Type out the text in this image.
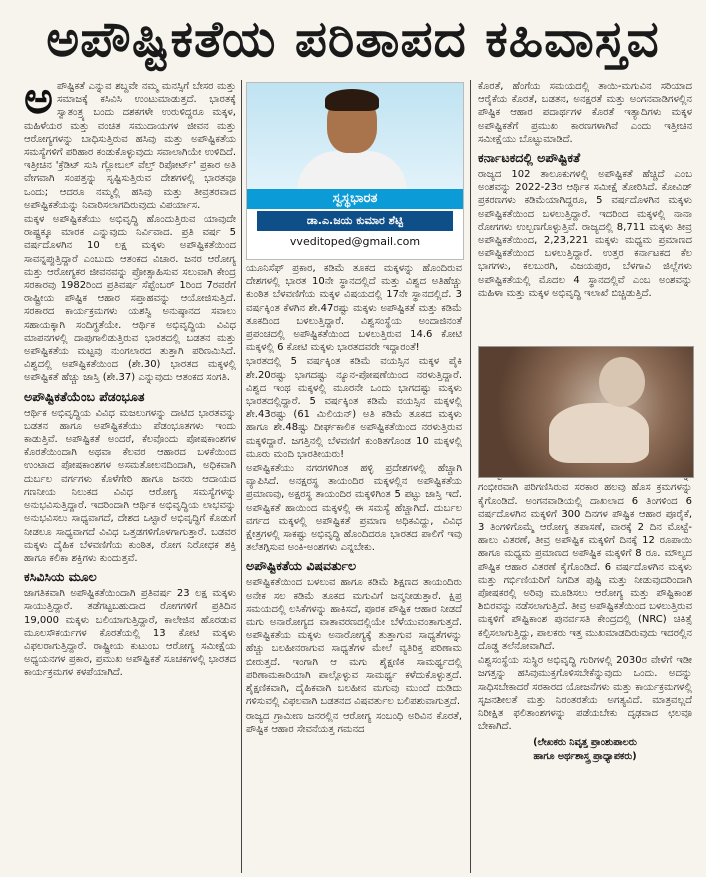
ಅಪೌಷ್ಟಿಕತೆಯ ಪರಿತಾಪದ ಕಹಿವಾಸ್ತವ

ಅಪೌಷ್ಟಿಕತೆ ಎನ್ನುವ ಶಬ್ದವೇ ನಮ್ಮ ಮನಸ್ಸಿಗೆ ಬೇಸರ ಮತ್ತು ಸಮಾಜಕ್ಕೆ ಕಸಿವಿಸಿ ಉಂಟುಮಾಡುತ್ತದೆ. ಭಾರತಕ್ಕೆ ಸ್ವಾತಂತ್ರ್ಯ ಬಂದು ದಶಕಗಳೇ ಉರುಳಿದ್ದರೂ ಮಕ್ಕಳ, ಮಹಿಳೆಯರ ಮತ್ತು ವಂಚಿತ ಸಮುದಾಯಗಳ ಜೀವನ ಮತ್ತು ಆರೋಗ್ಯಗಳನ್ನು ಬಾಧಿಸುತ್ತಿರುವ ಹಸಿವು ಮತ್ತು ಅಪೌಷ್ಟಿಕತೆಯ ಸಮಸ್ಯೆಗಳಿಗೆ ಪರಿಹಾರ ಕಂಡುಕೊಳ್ಳುವುದು ಸವಾಲಾಗಿಯೇ ಉಳಿದಿದೆ. ಇತ್ತೀಚಿನ 'ಕ್ರೆಡಿಟ್ ಸುಸಿ ಗ್ಲೋಬಲ್ ವೆಲ್ತ್ ರಿಪೋರ್ಟ್' ಪ್ರಕಾರ ಅತಿ ವೇಗವಾಗಿ ಸಂಪತ್ತನ್ನು ಸೃಷ್ಟಿಸುತ್ತಿರುವ ದೇಶಗಳಲ್ಲಿ ಭಾರತವೂ ಒಂದು; ಆದರೂ ನಮ್ಮಲ್ಲಿ ಹಸಿವು ಮತ್ತು ತೀವ್ರತರವಾದ ಅಪೌಷ್ಟಿಕತೆಯನ್ನು ನಿವಾರಿಸಲಾಗದಿರುವುದು ವಿಪರ್ಯಾಸ.

ಮಕ್ಕಳ ಅಪೌಷ್ಟಿಕತೆಯು ಅಭಿವೃದ್ಧಿ ಹೊಂದುತ್ತಿರುವ ಯಾವುದೇ ರಾಷ್ಟ್ರಕ್ಕೂ ಮಾರಕ ಎನ್ನುವುದು ನಿರ್ವಿವಾದ. ಪ್ರತಿ ವರ್ಷ 5 ವರ್ಷದೊಳಗಿನ 10 ಲಕ್ಷ ಮಕ್ಕಳು ಅಪೌಷ್ಟಿಕತೆಯಿಂದ ಸಾವನ್ನಪ್ಪುತ್ತಿದ್ದಾರೆ ಎಂಬುದು ಆತಂಕದ ವಿಚಾರ. ಜನರ ಆರೋಗ್ಯ ಮತ್ತು ಆರೋಗ್ಯಕರ ಜೀವನವನ್ನು ಪ್ರೋತ್ಸಾಹಿಸುವ ಸಲುವಾಗಿ ಕೇಂದ್ರ ಸರಕಾರವು 1982ರಿಂದ ಪ್ರತಿವರ್ಷ ಸೆಪ್ಟೆಂಬರ್ 1ರಿಂದ 7ರವರೆಗೆ ರಾಷ್ಟ್ರೀಯ ಪೌಷ್ಟಿಕ ಆಹಾರ ಸಪ್ತಾಹವನ್ನು ಆಯೋಜಿಸುತ್ತಿದೆ. ಸರಕಾರದ ಕಾರ್ಯಕ್ರಮಗಳು ಯಶಸ್ವಿ ಅನುಷ್ಠಾನದ ಸವಾಲು ಸಹಾಯಕ್ಕಾಗಿ ಸಂದಿಗ್ಧತೆಯೇ. ಆರ್ಥಿಕ ಅಭಿವೃದ್ಧಿಯ ವಿವಿಧ ಮಾಪನಗಳಲ್ಲಿ ದಾಪುಗಾಲಿಡುತ್ತಿರುವ ಭಾರತದಲ್ಲಿ ಬಡತನ ಮತ್ತು ಅಪೌಷ್ಟಿಕತೆಯ ಮಟ್ಟವು ನುಂಗಲಾರದ ತುತ್ತಾಗಿ ಪರಿಣಮಿಸಿದೆ. ವಿಶ್ವದಲ್ಲಿ ಅಪೌಷ್ಟಿಕತೆಯಿಂದ (ಶೇ.30) ಭಾರತದ ಮಕ್ಕಳಲ್ಲಿ ಅಪೌಷ್ಟಿಕತೆ ಹೆಚ್ಚು ಜಾಸ್ತಿ (ಶೇ.37) ಎನ್ನುವುದು ಆತಂಕದ ಸಂಗತಿ.

ಅಪೌಷ್ಟಿಕತೆಯೆಂಬ ಪೆಡಂಭೂತ

ಆರ್ಥಿಕ ಅಭಿವೃದ್ಧಿಯ ವಿವಿಧ ಮಜಲುಗಳನ್ನು ದಾಟಿದ ಭಾರತವನ್ನು ಬಡತನ ಹಾಗೂ ಅಪೌಷ್ಟಿಕತೆಯು ಪೆಡಂಭೂತಗಳು ಇಂದು ಕಾಡುತ್ತಿವೆ. ಅಪೌಷ್ಟಿಕತೆ ಅಂದರೆ, ಕೆಲವೊಂದು ಪೋಷಕಾಂಶಗಳ ಕೊರತೆಯಿಂದಾಗಿ ಅಥವಾ ಕೆಲವರ ಆಹಾರದ ಬಳಕೆಯಿಂದ ಉಂಟಾದ ಪೋಷಕಾಂಶಗಳ ಅಸಮತೋಲನದಿಂದಾಗಿ, ಅಧಿಕವಾಗಿ ದುರ್ಬಲ ವರ್ಗಗಳು ಕೊಳೆಗೇರಿ ಹಾಗೂ ಜನರು ಆದಾಯದ ಗಣನೀಯ ನಿಲುಕದ ವಿವಿಧ ಆರೋಗ್ಯ ಸಮಸ್ಯೆಗಳನ್ನು ಅನುಭವಿಸುತ್ತಿದ್ದಾರೆ. ಇದರಿಂದಾಗಿ ಆರ್ಥಿಕ ಅಭಿವೃದ್ಧಿಯ ಲಾಭವನ್ನು ಅನುಭವಿಸಲು ಸಾಧ್ಯವಾಗದೆ, ದೇಶದ ಒಟ್ಟಾರೆ ಅಭಿವೃದ್ಧಿಗೆ ಕೊಡುಗೆ ನೀಡಲೂ ಸಾಧ್ಯವಾಗದೆ ವಿವಿಧ ಒತ್ತಡಗಳಿಗೊಳಗಾಗುತ್ತಾರೆ. ಬಡವರ ಮಕ್ಕಳು ದೈಹಿಕ ಬೆಳವಣಿಗೆಯ ಕುಂಠಿತ, ರೋಗ ನಿರೋಧಕ ಶಕ್ತಿ ಹಾಗೂ ಕಲಿಕಾ ಶಕ್ತಿಗಳು ಕುಂದುತ್ತವೆ.

ಕಸಿವಿಸಿಯ ಮೂಲ

ಜಾಗತಿಕವಾಗಿ ಅಪೌಷ್ಟಿಕತೆಯಿಂದಾಗಿ ಪ್ರತಿವರ್ಷ 23 ಲಕ್ಷ ಮಕ್ಕಳು ಸಾಯುತ್ತಿದ್ದಾರೆ. ತಡೆಗಟ್ಟಬಹುದಾದ ರೋಗಗಳಿಗೆ ಪ್ರತಿದಿನ 19,000 ಮಕ್ಕಳು ಬಲಿಯಾಗುತ್ತಿದ್ದಾರೆ, ಕಾಲೇಜಿನ ಹೊರಡುವ ಮೂಲಸೌಕರ್ಯಗಳ ಕೊರತೆಯಲ್ಲಿ 13 ಕೋಟಿ ಮಕ್ಕಳು ವಿಫಲರಾಗುತ್ತಿದ್ದಾರೆ. ರಾಷ್ಟ್ರೀಯ ಕುಟುಂಬ ಆರೋಗ್ಯ ಸಮೀಕ್ಷೆಯ ಅಧ್ಯಯನಗಳ ಪ್ರಕಾರ, ಪ್ರಮುಖ ಅಪೌಷ್ಟಿಕತೆ ಸೂಚಕಗಳಲ್ಲಿ ಭಾರತದ ಕಾರ್ಯಕ್ರಮಗಳ ಕಳಪೆಯಾಗಿದೆ.

ಸ್ವಸ್ಥಭಾರತ
ಡಾ.ಎ.ಜಯ ಕುಮಾರ ಶೆಟ್ಟಿ
vveditoped@gmail.com

ಯೂನಿಸೆಫ್ ಪ್ರಕಾರ, ಕಡಿಮೆ ತೂಕದ ಮಕ್ಕಳನ್ನು ಹೊಂದಿರುವ ದೇಶಗಳಲ್ಲಿ ಭಾರತ 10ನೇ ಸ್ಥಾನದಲ್ಲಿದೆ ಮತ್ತು ವಿಶ್ವದ ಅತಿಹೆಚ್ಚು ಕುಂಠಿತ ಬೆಳವಣಿಗೆಯ ಮಕ್ಕಳ ವಿಷಯದಲ್ಲಿ 17ನೇ ಸ್ಥಾನದಲ್ಲಿದೆ. 3 ವರ್ಷಕ್ಕಿಂತ ಕೆಳಗಿನ ಶೇ.47ರಷ್ಟು ಮಕ್ಕಳು ಅಪೌಷ್ಟಿಕತೆ ಮತ್ತು ಕಡಿಮೆ ತೂಕದಿಂದ ಬಳಲುತ್ತಿದ್ದಾರೆ. ವಿಶ್ವಸಂಸ್ಥೆಯ ಅಂದಾಜಿನಂತೆ ಪ್ರಪಂಚದಲ್ಲಿ ಅಪೌಷ್ಟಿಕತೆಯಿಂದ ಬಳಲುತ್ತಿರುವ 14.6 ಕೋಟಿ ಮಕ್ಕಳಲ್ಲಿ 6 ಕೋಟಿ ಮಕ್ಕಳು ಭಾರತದವರೇ ಇದ್ದಾರಂತೆ!

ಭಾರತದಲ್ಲಿ 5 ವರ್ಷಕ್ಕಿಂತ ಕಡಿಮೆ ವಯಸ್ಸಿನ ಮಕ್ಕಳ ಪೈಕಿ ಶೇ.20ರಷ್ಟು ಭಾಗದಷ್ಟು ನ್ಯೂನ-ಪೋಷಣೆಯಿಂದ ನರಳುತ್ತಿದ್ದಾರೆ. ವಿಶ್ವದ ಇಂಥ ಮಕ್ಕಳಲ್ಲಿ ಮೂರನೇ ಒಂದು ಭಾಗದಷ್ಟು ಮಕ್ಕಳು ಭಾರತದಲ್ಲಿದ್ದಾರೆ. 5 ವರ್ಷಕ್ಕಿಂತ ಕಡಿಮೆ ವಯಸ್ಸಿನ ಮಕ್ಕಳಲ್ಲಿ ಶೇ.43ರಷ್ಟು (61 ಮಿಲಿಯನ್) ಅತಿ ಕಡಿಮೆ ತೂಕದ ಮಕ್ಕಳು ಹಾಗೂ ಶೇ.48ಷ್ಟು ದೀರ್ಘಕಾಲಿಕ ಅಪೌಷ್ಟಿಕತೆಯಿಂದ ನರಳುತ್ತಿರುವ ಮಕ್ಕಳಿದ್ದಾರೆ. ಜಗತ್ತಿನಲ್ಲಿ ಬೆಳವಣಿಗೆ ಕುಂಠಿತಗೊಂಡ 10 ಮಕ್ಕಳಲ್ಲಿ ಮೂರು ಮಂದಿ ಭಾರತೀಯರು!

ಅಪೌಷ್ಟಿಕತೆಯು ನಗರಗಳಿಗಿಂತ ಹಳ್ಳಿ ಪ್ರದೇಶಗಳಲ್ಲಿ ಹೆಚ್ಚಾಗಿ ವ್ಯಾಪಿಸಿದೆ. ಅನಕ್ಷರಸ್ಥ ತಾಯಂದಿರ ಮಕ್ಕಳಲ್ಲಿನ ಅಪೌಷ್ಟಿಕತೆಯ ಪ್ರಮಾಣವು, ಅಕ್ಷರಸ್ಥ ತಾಯಂದಿರ ಮಕ್ಕಳಿಗಿಂತ 5 ಪಟ್ಟು ಜಾಸ್ತಿ ಇದೆ. ಅಪೌಷ್ಟಿಕತೆ ಹಾಯಿಂದ ಮಕ್ಕಳಲ್ಲಿ ಈ ಸಮಸ್ಯೆ ಹೆಚ್ಚಾಗಿದೆ. ದುರ್ಬಲ ವರ್ಗದ ಮಕ್ಕಳಲ್ಲಿ ಅಪೌಷ್ಟಿಕತೆ ಪ್ರಮಾಣ ಅಧಿಕವಿದ್ದು, ವಿವಿಧ ಕ್ಷೇತ್ರಗಳಲ್ಲಿ ಸಾಕಷ್ಟು ಅಭಿವೃದ್ಧಿ ಹೊಂದಿದರೂ ಭಾರತದ ಪಾಲಿಗೆ ಇವು ತಲೆತಗ್ಗಿಸುವ ಅಂಕಿ-ಅಂಶಗಳು ಎನ್ನಬೇಕು.

ಅಪೌಷ್ಟಿಕತೆಯ ವಿಷವರ್ತುಲ

ಅಪೌಷ್ಟಿಕತೆಯಿಂದ ಬಳಲುವ ಹಾಗೂ ಕಡಿಮೆ ಶಿಕ್ಷಣದ ತಾಯಂದಿರು ಅನೇಕ ಸಲ ಕಡಿಮೆ ತೂಕದ ಮಗುವಿಗೆ ಜನ್ಮನೀಡುತ್ತಾರೆ. ಕ್ಷಿಪ್ರ ಸಮಯದಲ್ಲಿ ಲಸಿಕೆಗಳನ್ನು ಹಾಕಿಸದೆ, ಪೂರಕ ಪೌಷ್ಟಿಕ ಆಹಾರ ನೀಡದೆ ಮಗು ಅನಾರೋಗ್ಯದ ವಾತಾವರಣದಲ್ಲಿಯೇ ಬೆಳೆಯುವಂತಾಗುತ್ತದೆ. ಅಪೌಷ್ಟಿಕತೆಯ ಮಕ್ಕಳು ಅನಾರೋಗ್ಯಕ್ಕೆ ತುತ್ತಾಗುವ ಸಾಧ್ಯತೆಗಳನ್ನು ಹೆಚ್ಚು ಬಲಹೀನರಾಗುವ ಸಾಧ್ಯತೆಗಳ ಮೇಲೆ ವ್ಯತಿರಿಕ್ತ ಪರಿಣಾಮ ಬೀರುತ್ತದೆ. ಇಂಗಾಗಿ ಆ ಮಗು ಶೈಕ್ಷಣಿಕ ಸಾಮರ್ಥ್ಯದಲ್ಲಿ ಪರಿಣಾಮಕಾರಿಯಾಗಿ ಪಾಲ್ಗೊಳ್ಳುವ ಸಾಮರ್ಥ್ಯ ಕಳೆದುಕೊಳ್ಳುತ್ತದೆ. ಶೈಕ್ಷಣಿಕವಾಗಿ, ದೈಹಿಕವಾಗಿ ಬಲಹೀನ ಮಗುವು ಮುಂದೆ ದುಡಿದು ಗಳಿಸುವಲ್ಲಿ ವಿಫಲವಾಗಿ ಬಡತನದ ವಿಷವರ್ತುಲ ಬಲಿಪಶುವಾಗುತ್ತದೆ.

ರಾಜ್ಯದ ಗ್ರಾಮೀಣ ಜನರಲ್ಲಿನ ಆರೋಗ್ಯ ಸಂಬಂಧಿ ಅರಿವಿನ ಕೊರತೆ, ಪೌಷ್ಟಿಕ ಆಹಾರ ಸೇವನೆಯತ್ತ ಗಮನದ

ಕೊರತೆ, ಹೆಂಗೆಯ ಸಮಯದಲ್ಲಿ ತಾಯಿ-ಮಗುವಿನ ಸರಿಯಾದ ಆರೈಕೆಯ ಕೊರತೆ, ಬಡತನ, ಅನಕ್ಷರತೆ ಮತ್ತು ಅಂಗನವಾಡಿಗಳಲ್ಲಿನ ಪೌಷ್ಟಿಕ ಆಹಾರ ಪದಾರ್ಥಗಳ ಕೊರತೆ ಇತ್ಯಾದಿಗಳು ಮಕ್ಕಳ ಅಪೌಷ್ಟಿಕತೆಗೆ ಪ್ರಮುಖ ಕಾರಣಗಳಾಗಿವೆ ಎಂದು ಇತ್ತೀಚಿನ ಸಮೀಕ್ಷೆಯು ಬೊಟ್ಟುಮಾಡಿದೆ.

ಕರ್ನಾಟಕದಲ್ಲಿ ಅಪೌಷ್ಟಿಕತೆ

ರಾಜ್ಯದ 102 ತಾಲೂಕುಗಳಲ್ಲಿ ಅಪೌಷ್ಟಿಕತೆ ಹೆಚ್ಚಿದೆ ಎಂಬ ಅಂಶವನ್ನು 2022-23ರ ಆರ್ಥಿಕ ಸಮೀಕ್ಷೆ ತೋರಿಸಿದೆ. ಕೋವಿಡ್ ಪ್ರಕರಣಗಳು ಕಡಿಮೆಯಾಗಿದ್ದರೂ, 5 ವರ್ಷದೊಳಗಿನ ಮಕ್ಕಳು ಅಪೌಷ್ಟಿಕತೆಯಿಂದ ಬಳಲುತ್ತಿದ್ದಾರೆ. ಇದರಿಂದ ಮಕ್ಕಳಲ್ಲಿ ನಾನಾ ರೋಗಗಳು ಉಲ್ಬಣಗೊಳ್ಳುತ್ತಿವೆ. ರಾಜ್ಯದಲ್ಲಿ 8,711 ಮಕ್ಕಳು ತೀವ್ರ ಅಪೌಷ್ಟಿಕತೆಯಿಂದ, 2,23,221 ಮಕ್ಕಳು ಮಧ್ಯಮ ಪ್ರಮಾಣದ ಅಪೌಷ್ಟಿಕತೆಯಿಂದ ಬಳಲುತ್ತಿದ್ದಾರೆ. ಉತ್ತರ ಕರ್ನಾಟಕದ ಕೆಲ ಭಾಗಗಳು, ಕಲಬುರಗಿ, ವಿಜಯಪುರ, ಬೆಳಗಾವಿ ಜಿಲ್ಲೆಗಳು ಅಪೌಷ್ಟಿಕತೆಯಲ್ಲಿ ಮೊದಲ 4 ಸ್ಥಾನದಲ್ಲಿವೆ ಎಂಬ ಅಂಶವನ್ನು ಮಹಿಳಾ ಮತ್ತು ಮಕ್ಕಳ ಅಭಿವೃದ್ಧಿ ಇಲಾಖೆ ಬಿಚ್ಚಿಡುತ್ತಿದೆ.

ಗಂಭೀರವಾಗಿ ಪರಿಗಣಿಸಿರುವ ಸರಕಾರ ಹಲವು ಹೊಸ ಕ್ರಮಗಳನ್ನು ಕೈಗೊಂಡಿದೆ. ಅಂಗನವಾಡಿಯಲ್ಲಿ ದಾಖಲಾದ 6 ತಿಂಗಳಿಂದ 6 ವರ್ಷದೊಳಗಿನ ಮಕ್ಕಳಿಗೆ 300 ದಿನಗಳ ಪೌಷ್ಟಿಕ ಆಹಾರ ಪೂರೈಕೆ, 3 ತಿಂಗಳಿಗೊಮ್ಮೆ ಆರೋಗ್ಯ ತಪಾಸಣೆ, ವಾರಕ್ಕೆ 2 ದಿನ ಮೊಟ್ಟೆ-ಹಾಲು ವಿತರಣೆ, ತೀವ್ರ ಅಪೌಷ್ಟಿಕ ಮಕ್ಕಳಿಗೆ ದಿನಕ್ಕೆ 12 ರೂಪಾಯಿ ಹಾಗೂ ಮಧ್ಯಮ ಪ್ರಮಾಣದ ಅಪೌಷ್ಟಿಕ ಮಕ್ಕಳಿಗೆ 8 ರೂ. ಮೌಲ್ಯದ ಪೌಷ್ಟಿಕ ಆಹಾರ ವಿತರಣೆ ಕೈಗೊಂಡಿದೆ. 6 ವರ್ಷದೊಳಗಿನ ಮಕ್ಕಳು ಮತ್ತು ಗರ್ಭಿಣಿಯರಿಗೆ ನಿಗದಿತ ಪುಷ್ಟಿ ಮತ್ತು ನೀಡುವುದರಿಂದಾಗಿ ಪೋಷಕರಲ್ಲಿ ಅರಿವು ಮೂಡಿಸಲು ಆರೋಗ್ಯ ಮತ್ತು ಪೌಷ್ಟಿಕಾಂಶ ಶಿಬಿರವನ್ನು ನಡೆಸಲಾಗುತ್ತಿದೆ. ತೀವ್ರ ಅಪೌಷ್ಟಿಕತೆಯಿಂದ ಬಳಲುತ್ತಿರುವ ಮಕ್ಕಳಿಗೆ ಪೌಷ್ಟಿಕಾಂಶ ಪುನರ್ವಸತಿ ಕೇಂದ್ರದಲ್ಲಿ (NRC) ಚಿಕಿತ್ಸೆ ಕಲ್ಪಿಸಲಾಗುತ್ತಿದ್ದು, ಪಾಲಕರು ಇತ್ತ ಮುಖಮಾಡದಿರುವುದು ಇದರಲ್ಲಿನ ದೊಡ್ಡ ತಲೆನೋವಾಗಿದೆ.

ವಿಶ್ವಸಂಸ್ಥೆಯ ಸುಸ್ಥಿರ ಅಭಿವೃದ್ಧಿ ಗುರಿಗಳಲ್ಲಿ 2030ರ ವೇಳೆಗೆ ಇಡೀ ಜಗತ್ತನ್ನು ಹಸಿವುಮುಕ್ತಗೊಳಿಸಬೇಕೆನ್ನುವುದು ಒಂದು. ಅದನ್ನು ಸಾಧಿಸಬೇಕಾದರೆ ಸರಕಾರದ ಯೋಜನೆಗಳು ಮತ್ತು ಕಾರ್ಯಕ್ರಮಗಳಲ್ಲಿ ಸೃಜನಶೀಲತೆ ಮತ್ತು ನಿರಂತರತೆಯ ಅಗತ್ಯವಿದೆ. ಮಾತ್ರವಲ್ಲದೆ ನಿರೀಕ್ಷಿತ ಫಲಿತಾಂಶಗಳನ್ನು ಪಡೆಯಬೇಕು ದೃಢವಾದ ಛಲವೂ ಬೇಕಾಗಿದೆ.

(ಲೇಖಕರು ನಿವೃತ್ತ ಪ್ರಾಂಶುಪಾಲರು
ಹಾಗೂ ಅರ್ಥಶಾಸ್ತ್ರ ಪ್ರಾಧ್ಯಾಪಕರು)
